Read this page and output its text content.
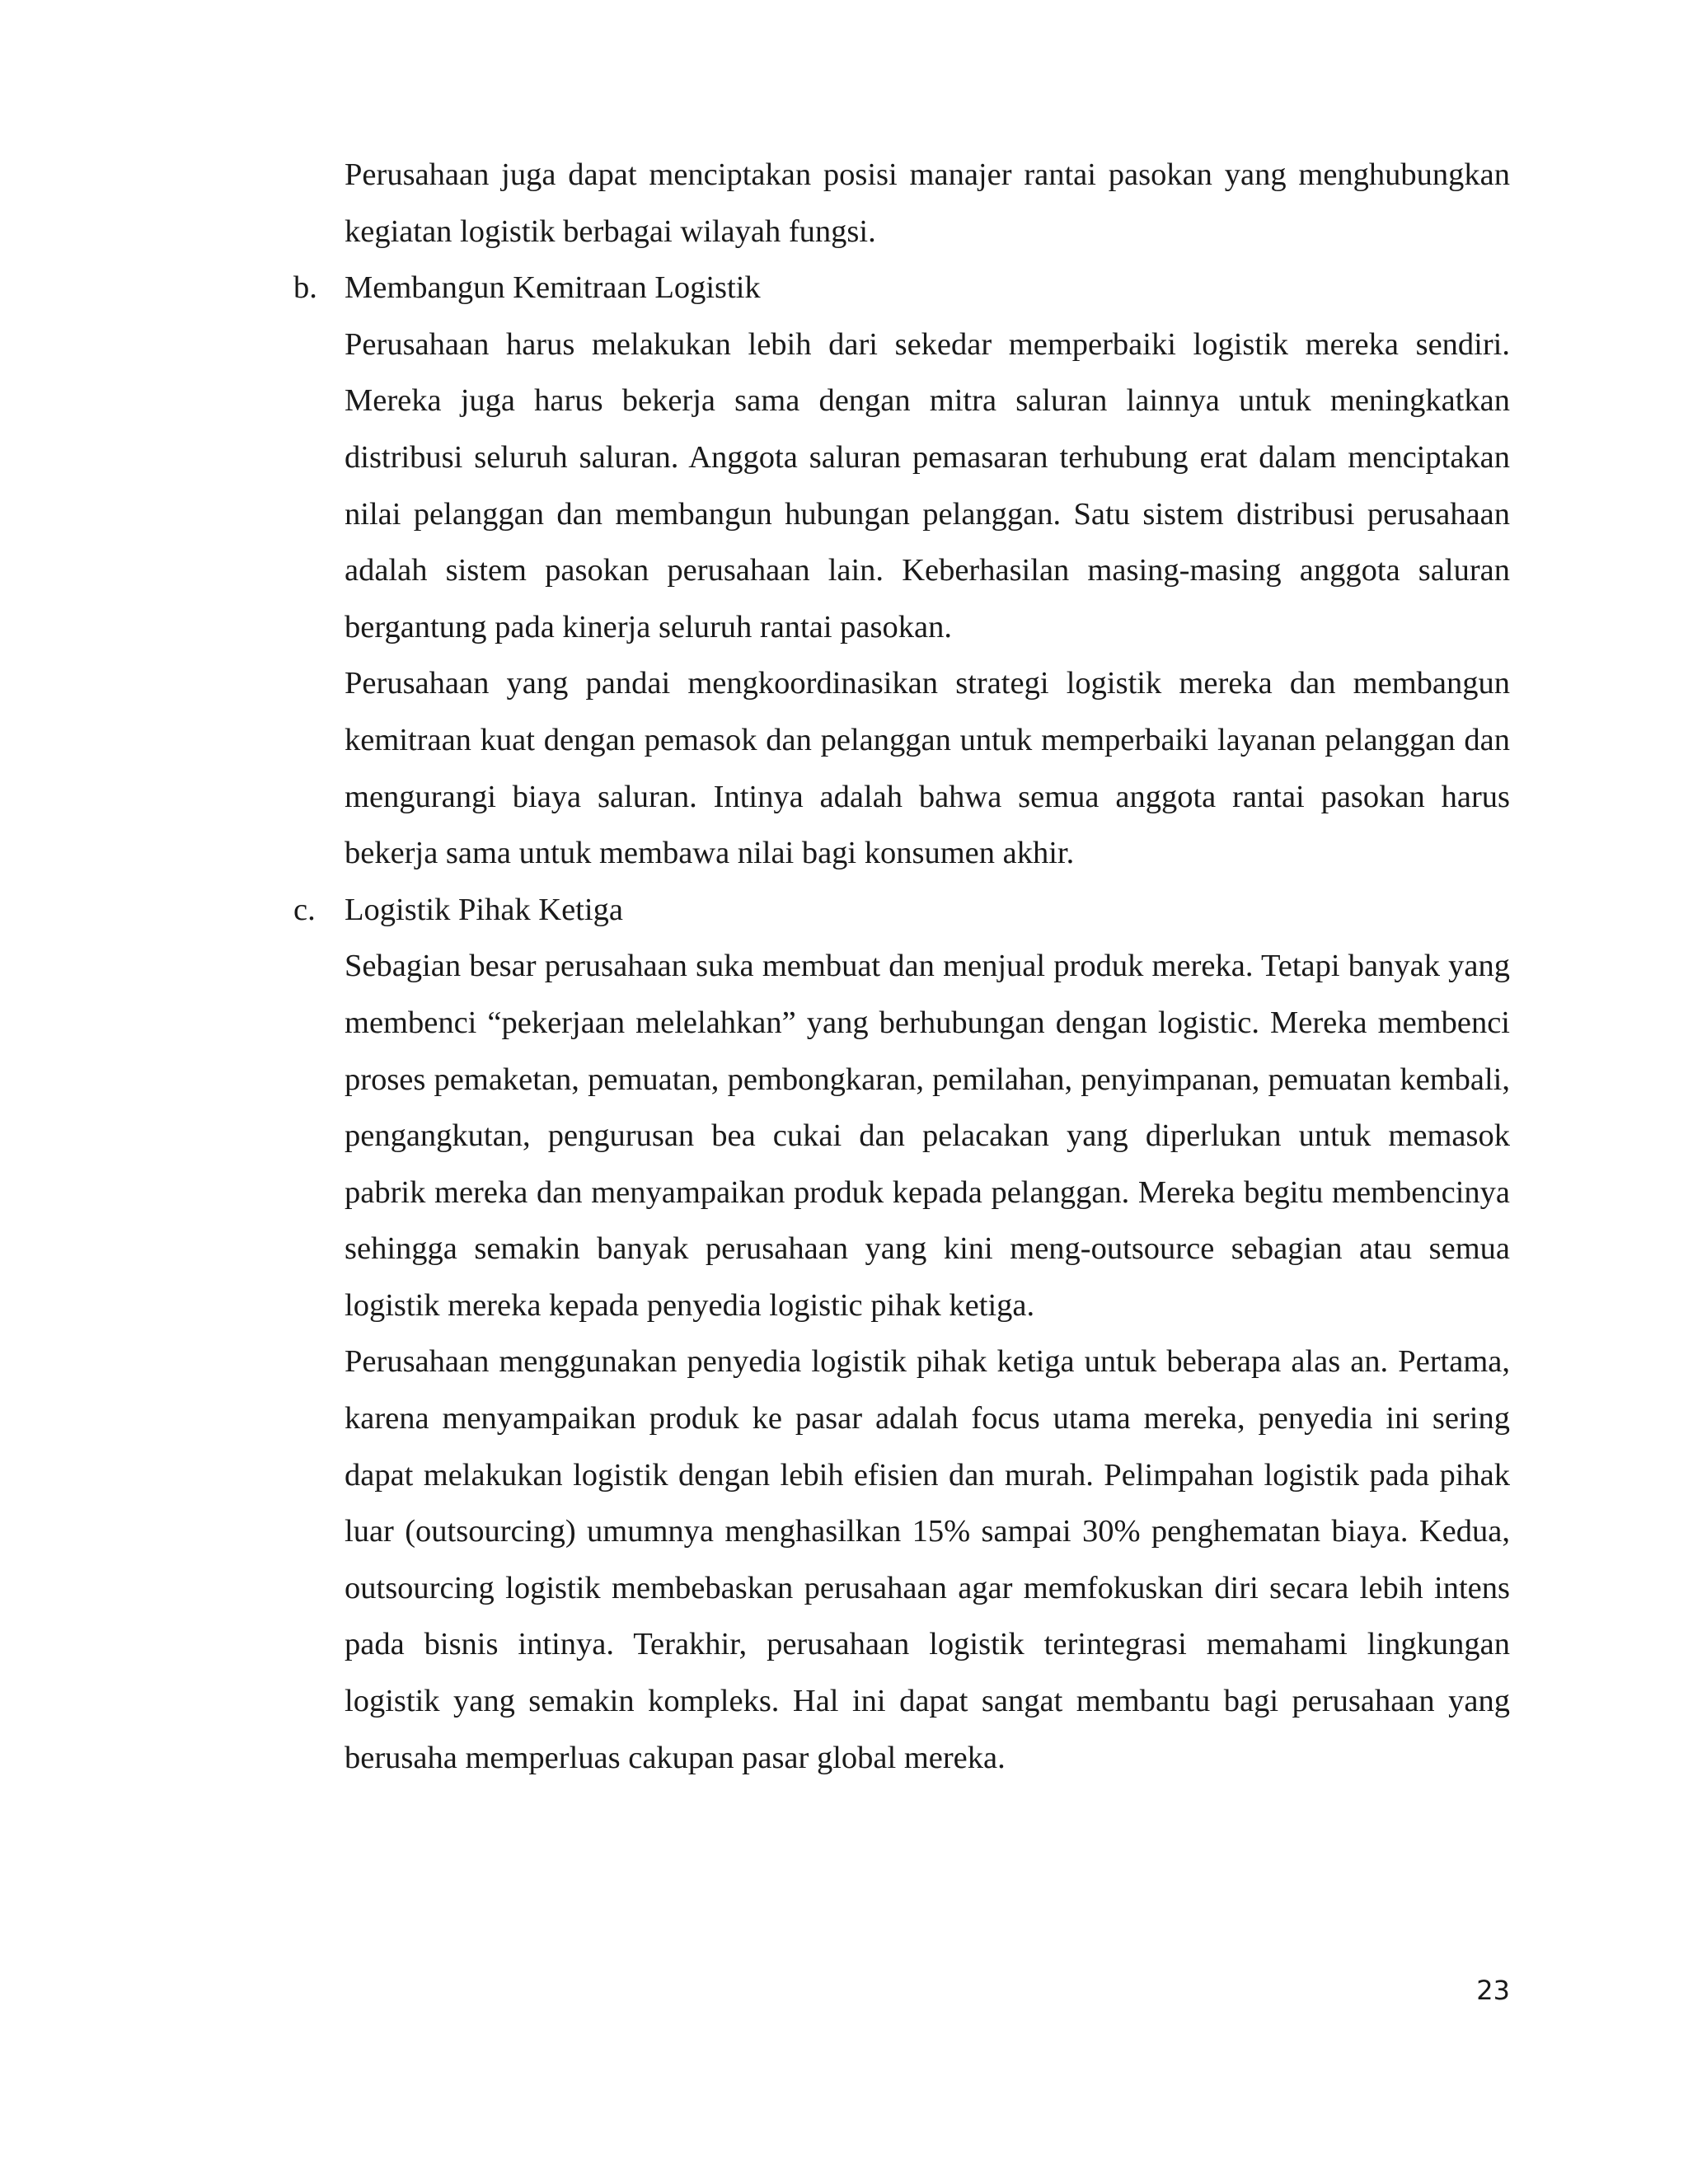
Perusahaan juga dapat menciptakan posisi manajer rantai pasokan yang menghubungkan kegiatan logistik berbagai wilayah fungsi.

b. Membangun Kemitraan Logistik

Perusahaan harus melakukan lebih dari sekedar memperbaiki logistik mereka sendiri. Mereka juga harus bekerja sama dengan mitra saluran lainnya untuk meningkatkan distribusi seluruh saluran. Anggota saluran pemasaran terhubung erat dalam menciptakan nilai pelanggan dan membangun hubungan pelanggan. Satu sistem distribusi perusahaan adalah sistem pasokan perusahaan lain. Keberhasilan masing-masing anggota saluran bergantung pada kinerja seluruh rantai pasokan.

Perusahaan yang pandai mengkoordinasikan strategi logistik mereka dan membangun kemitraan kuat dengan pemasok dan pelanggan untuk memperbaiki layanan pelanggan dan mengurangi biaya saluran. Intinya adalah bahwa semua anggota rantai pasokan harus bekerja sama untuk membawa nilai bagi konsumen akhir.

c. Logistik Pihak Ketiga

Sebagian besar perusahaan suka membuat dan menjual produk mereka. Tetapi banyak yang membenci “pekerjaan melelahkan” yang berhubungan dengan logistic. Mereka membenci proses pemaketan, pemuatan, pembongkaran, pemilahan, penyimpanan, pemuatan kembali, pengangkutan, pengurusan bea cukai dan pelacakan yang diperlukan untuk memasok pabrik mereka dan menyampaikan produk kepada pelanggan. Mereka begitu membencinya sehingga semakin banyak perusahaan yang kini meng-outsource sebagian atau semua logistik mereka kepada penyedia logistic pihak ketiga.

Perusahaan menggunakan penyedia logistik pihak ketiga untuk beberapa alas an. Pertama, karena menyampaikan produk ke pasar adalah focus utama mereka, penyedia ini sering dapat melakukan logistik dengan lebih efisien dan murah. Pelimpahan logistik pada pihak luar (outsourcing) umumnya menghasilkan 15% sampai 30% penghematan biaya. Kedua, outsourcing logistik membebaskan perusahaan agar memfokuskan diri secara lebih intens pada bisnis intinya. Terakhir, perusahaan logistik terintegrasi memahami lingkungan logistik yang semakin kompleks. Hal ini dapat sangat membantu bagi perusahaan yang berusaha memperluas cakupan pasar global mereka.

23
